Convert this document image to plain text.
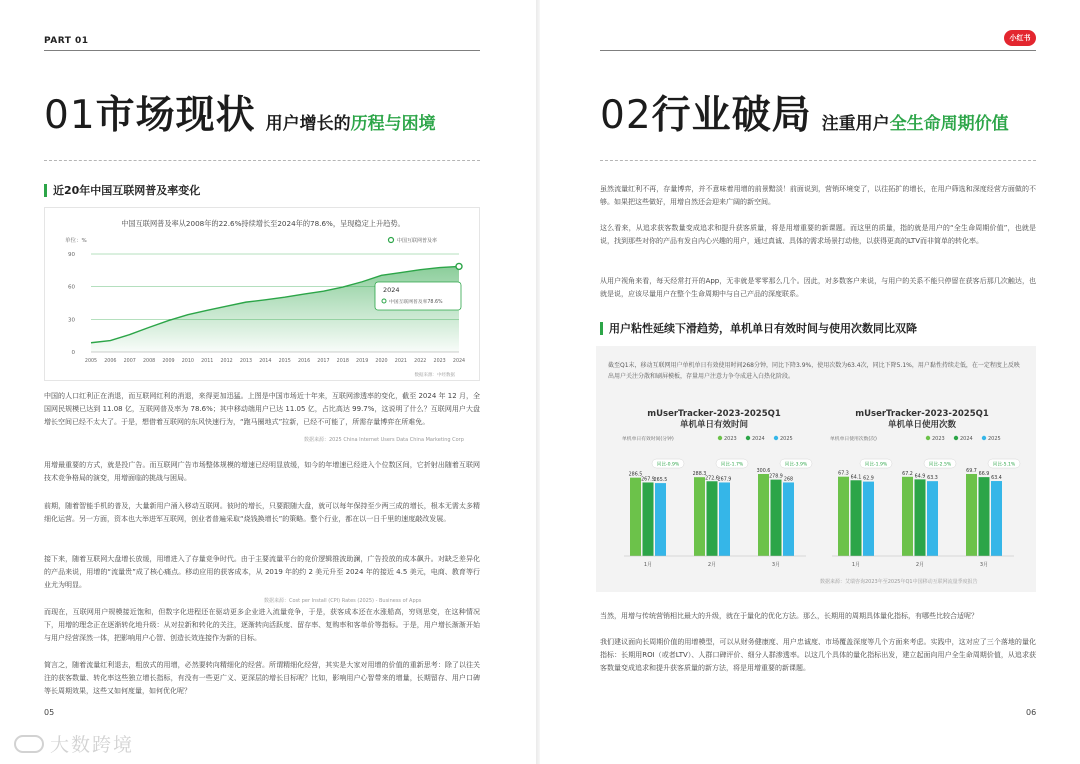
PART 01
01 市场现状 用户增长的历程与困境
近20年中国互联网普及率变化
中国互联网普及率从2008年的22.6%持续增长至2024年的78.6%，呈现稳定上升趋势。
单位：%	中国互联网普及率
0
30
60
90
2024
中国互联网普及率78.6%
2005 2006 2007 2008 2009 2010 2011 2012 2013 2014 2015 2016 2017 2018 2019 2020 2021 2022 2023 2024
数据来源：中经数据
中国的人口红利正在消退，而互联网红利的消退，来得更加迅猛。上图是中国市场近十年来，互联网渗透率的变化，截至 2024 年 12 月，全国网民规模已达到 11.08 亿，互联网普及率为 78.6%；其中移动端用户已达 11.05 亿，占比高达 99.7%，这说明了什么？互联网用户大盘增长空间已经不太大了。于是，想借着互联网的东风快速行为，“跑马圈地式”拉新，已经不可能了，所需存量博弈在所难免。
数据来源：2025 China Internet Users Data China Marketing Corp
用增最重要的方式，就是投广告。而互联网广告市场整体规模的增速已经明显放缓，如今的年增速已经进入个位数区间，它折射出随着互联网技术竞争格局的演变，用增面临的挑战与困局。
前期，随着智能手机的普及，大量新用户涌入移动互联网。彼时的增长，只要跟随大盘，就可以每年保持至少两三成的增长，根本无需太多精细化运营。另一方面，资本也大举进军互联网，创业者普遍采取“烧钱换增长”的策略。整个行业，都在以一日千里的速度敲改发展。
接下来，随着互联网大盘增长放缓，用增进入了存量竞争时代。由于主要流量平台的竞价逻辑推波助澜，广告投放的成本飙升。对缺乏差异化的产品来说，用增的“流量贵”成了核心痛点。移动应用的获客成本，从 2019 年的约 2 美元升至 2024 年的接近 4.5 美元，电商、教育等行业尤为明显。
数据来源：Cost per Install (CPI) Rates (2025) - Business of Apps
而现在，互联网用户规模接近饱和，但数字化进程还在驱动更多企业进入流量竞争，于是，获客成本还在水涨船高，穷则思变，在这种情况下，用增的理念正在逐渐转化地升级：从对拉新和转化的关注，逐渐转向活跃度、留存率、复购率和客单价等指标。于是，用户增长渐渐开始与用户经营深然一体，把影响用户心智、创造长效连接作为新的目标。
简言之，随着流量红利退去，粗放式的用增，必然要转向精细化的经营。所谓精细化经营，其实是大家对用增的价值的重新思考：除了以往关注的获客数量、转化率这些独立增长指标，有没有一些更广义、更深层的增长目标呢？比如，影响用户心智带来的增量，长期留存、用户口碑等长周期效果，这些又如何度量，如何优化呢？
05
02 行业破局 注重用户全生命周期价值
虽然流量红利不再，存量博弈，并不意味着用增的前景黯淡！前面说到，营销环境变了，以往拓扩的增长，在用户筛选和深度经营方面做的不够。如果把这些做好，用增自然还会迎来广阔的新空间。
这么看来，从追求获客数量变成追求和提升获客质量，将是用增重要的新课题。而这里的质量，指的就是用户的“全生命周期价值”，也就是说，找到那些对你的产品有发自内心兴趣的用户，通过真诚、具体的需求场景打动他，以获得更高的LTV而非简单的转化率。
从用户视角来看，每天经常打开的App，无非就是零零那么几个。因此，对多数客户来说，与用户的关系不能只停留在获客后那几次触达，也就是说，应该尽量用户在整个生命周期中与自己产品的深度联系。
用户粘性延续下滑趋势，单机单日有效时间与使用次数同比双降
06
当然，用增与传统营销相比最大的升级，就在于量化的优化方法。那么，长期用的周期具体量化指标，有哪些比较合适呢？
我们建议面向长周期价值的用增模型，可以从财务健康度、用户忠诚度、市场覆盖深度等几个方面来考虑。实践中，这对应了三个落地的量化指标：长期用ROI（或者LTV）、人群口碑评价、细分人群渗透率。以这几个具体的量化指标出发，建立起面向用户全生命周期价值，从追求获客数量变成追求和提升获客质量的新方法，将是用增重要的新课题。
小红书
mUserTracker-2023-2025Q1
单机单日有效时间
单机单日有效时间(分钟)	2023	2024	2025
同比-0.9%
286.5
267.9
265.5
1月
同比-1.7%
288.3
272.6
267.9
2月
同比-3.9%
300.6
278.9
268
3月
mUserTracker-2023-2025Q1
单机单日使用次数
单机单日使用次数(次)	2023	2024	2025
同比-1.9%
67.3
64.1 62.9
1月
同比-2.5%
67.2
64.9 63.3
2月
同比-5.1%
69.7
66.9
63.4
3月
截至Q1末，移动互联网用户单机单日有效使用时间268分钟，同比下降3.9%，使用次数为63.4次，同比下降5.1%，用户黏性持续走低，在一定程度上反映出用户关注分散和刷屏模板，存量用户注意力争夺成进入白热化阶段。
数据来源：艾瑞咨询2023年至2025年Q1中国移动互联网流量季度报告
大数跨境
